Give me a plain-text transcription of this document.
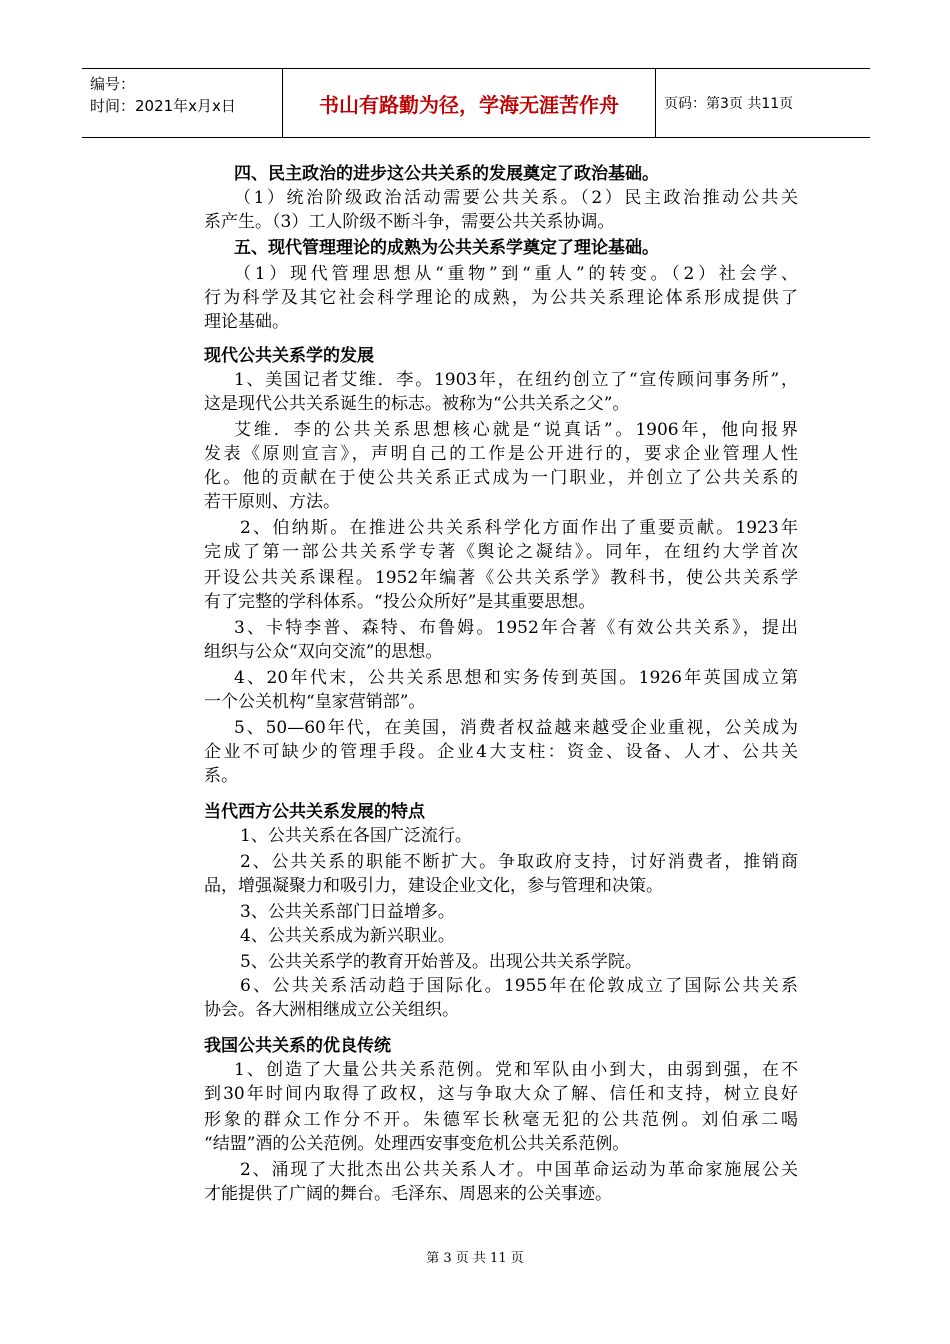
编号：
时间：2021年x月x日	书山有路勤为径，学海无涯苦作舟	页码：第3页 共11页
四、民主政治的进步这公共关系的发展奠定了政治基础。
（1）统治阶级政治活动需要公共关系。（2）民主政治推动公共关
系产生。（3）工人阶级不断斗争，需要公共关系协调。
五、现代管理理论的成熟为公共关系学奠定了理论基础。
（1）现代管理思想从“重物”到“重人”的转变。（2）社会学、
行为科学及其它社会科学理论的成熟，为公共关系理论体系形成提供了
理论基础。
现代公共关系学的发展
1、美国记者艾维．李。1903年，在纽约创立了“宣传顾问事务所”，
这是现代公共关系诞生的标志。被称为“公共关系之父”。
艾维．李的公共关系思想核心就是“说真话”。1906年，他向报界
发表《原则宣言》，声明自己的工作是公开进行的，要求企业管理人性
化。他的贡献在于使公共关系正式成为一门职业，并创立了公共关系的
若干原则、方法。
2、伯纳斯。在推进公共关系科学化方面作出了重要贡献。1923年
完成了第一部公共关系学专著《舆论之凝结》。同年，在纽约大学首次
开设公共关系课程。1952年编著《公共关系学》教科书，使公共关系学
有了完整的学科体系。“投公众所好”是其重要思想。
3、卡特李普、森特、布鲁姆。1952年合著《有效公共关系》，提出
组织与公众“双向交流”的思想。
4、20年代末，公共关系思想和实务传到英国。1926年英国成立第
一个公关机构“皇家营销部”。
5、50—60年代，在美国，消费者权益越来越受企业重视，公关成为
企业不可缺少的管理手段。企业4大支柱：资金、设备、人才、公共关
系。
当代西方公共关系发展的特点
1、公共关系在各国广泛流行。
2、公共关系的职能不断扩大。争取政府支持，讨好消费者，推销商
品，增强凝聚力和吸引力，建设企业文化，参与管理和决策。
3、公共关系部门日益增多。
4、公共关系成为新兴职业。
5、公共关系学的教育开始普及。出现公共关系学院。
6、公共关系活动趋于国际化。1955年在伦敦成立了国际公共关系
协会。各大洲相继成立公关组织。
我国公共关系的优良传统
1、创造了大量公共关系范例。党和军队由小到大，由弱到强，在不
到30年时间内取得了政权，这与争取大众了解、信任和支持，树立良好
形象的群众工作分不开。朱德军长秋毫无犯的公共范例。刘伯承二喝
“结盟”酒的公关范例。处理西安事变危机公共关系范例。
2、涌现了大批杰出公共关系人才。中国革命运动为革命家施展公关
才能提供了广阔的舞台。毛泽东、周恩来的公关事迹。
第 3 页 共 11 页
